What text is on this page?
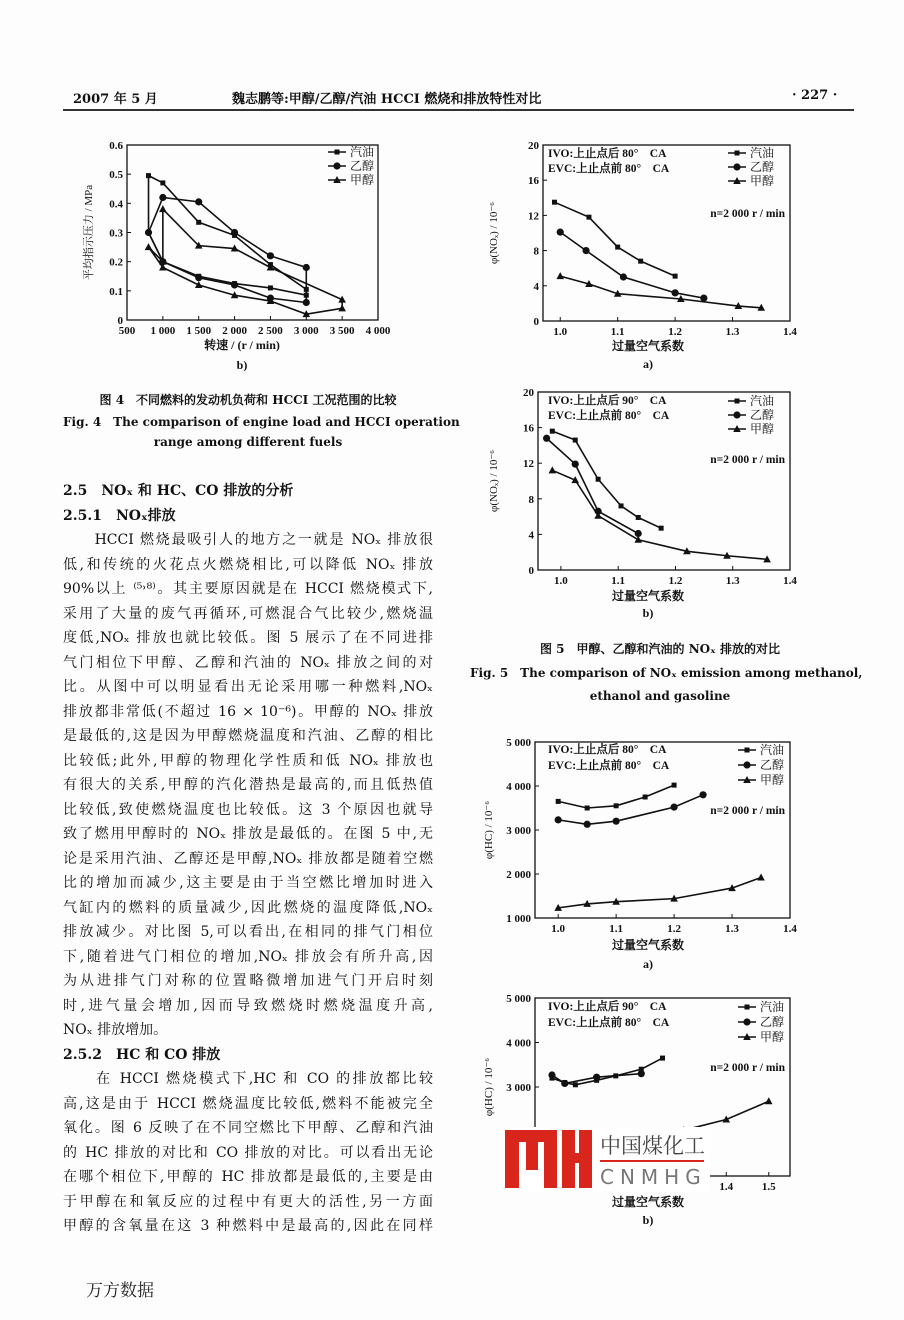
2007 年 5 月	魏志鹏等:甲醇/乙醇/汽油 HCCI 燃烧和排放特性对比	· 227 ·
500 1 000 1 500 2 000 2 500 3 000 3 500 4 000
0
0.1
0.2
0.3
0.4
0.5
0.6
平均指示压力 / MPa
转速 / (r / min)
b)
汽油
乙醇
甲醇
1.0	1.1	1.2	1.3	1.4
0
4
8
12
16
20
φ(NOₓ) / 10⁻⁶
过量空气系数
a)
IVO:上止点后 80°　CA
EVC:上止点前 80°　CA
n=2 000 r / min
汽油
乙醇
甲醇
1.0	1.1	1.2	1.3	1.4
0
4
8
12
16
20
φ(NOₓ) / 10⁻⁶
过量空气系数
b)
IVO:上止点后 90°　CA
EVC:上止点前 80°　CA
n=2 000 r / min
汽油
乙醇
甲醇
1.0	1.1	1.2	1.3	1.4
1 000
2 000
3 000
4 000
5 000
φ(HC) / 10⁻⁶
过量空气系数
a)
IVO:上止点后 80°　CA
EVC:上止点前 80°　CA
n=2 000 r / min
汽油
乙醇
甲醇
1.4	1.5
3 000
4 000
5 000
φ(HC) / 10⁻⁶
过量空气系数
b)
IVO:上止点后 90°　CA
EVC:上止点前 80°　CA
n=2 000 r / min
汽油
乙醇
甲醇
图 4　不同燃料的发动机负荷和 HCCI 工况范围的比较
Fig. 4　The comparison of engine load and HCCI operation
range among different fuels
图 5　甲醇、乙醇和汽油的 NOₓ 排放的对比
Fig. 5　The comparison of NOₓ emission among methanol,
ethanol and gasoline
2.5　NOₓ 和 HC、CO 排放的分析
2.5.1　NOₓ排放
　　HCCI 燃烧最吸引人的地方之一就是 NOₓ 排放很
低,和传统的火花点火燃烧相比,可以降低 NOₓ 排放
90%以上 ⁽⁵˒⁸⁾。其主要原因就是在 HCCI 燃烧模式下,
采用了大量的废气再循环,可燃混合气比较少,燃烧温
度低,NOₓ 排放也就比较低。图 5 展示了在不同进排
气门相位下甲醇、乙醇和汽油的 NOₓ 排放之间的对
比。从图中可以明显看出无论采用哪一种燃料,NOₓ
排放都非常低(不超过 16 × 10⁻⁶)。甲醇的 NOₓ 排放
是最低的,这是因为甲醇燃烧温度和汽油、乙醇的相比
比较低;此外,甲醇的物理化学性质和低 NOₓ 排放也
有很大的关系,甲醇的汽化潜热是最高的,而且低热值
比较低,致使燃烧温度也比较低。这 3 个原因也就导
致了燃用甲醇时的 NOₓ 排放是最低的。在图 5 中,无
论是采用汽油、乙醇还是甲醇,NOₓ 排放都是随着空燃
比的增加而减少,这主要是由于当空燃比增加时进入
气缸内的燃料的质量减少,因此燃烧的温度降低,NOₓ
排放减少。对比图 5,可以看出,在相同的排气门相位
下,随着进气门相位的增加,NOₓ 排放会有所升高,因
为从进排气门对称的位置略微增加进气门开启时刻
时,进气量会增加,因而导致燃烧时燃烧温度升高,
NOₓ 排放增加。
2.5.2　HC 和 CO 排放
　　在 HCCI 燃烧模式下,HC 和 CO 的排放都比较
高,这是由于 HCCI 燃烧温度比较低,燃料不能被完全
氧化。图 6 反映了在不同空燃比下甲醇、乙醇和汽油
的 HC 排放的对比和 CO 排放的对比。可以看出无论
在哪个相位下,甲醇的 HC 排放都是最低的,主要是由
于甲醇在和氧反应的过程中有更大的活性,另一方面
甲醇的含氧量在这 3 种燃料中是最高的,因此在同样
中国煤化工
CNMHG
万方数据
